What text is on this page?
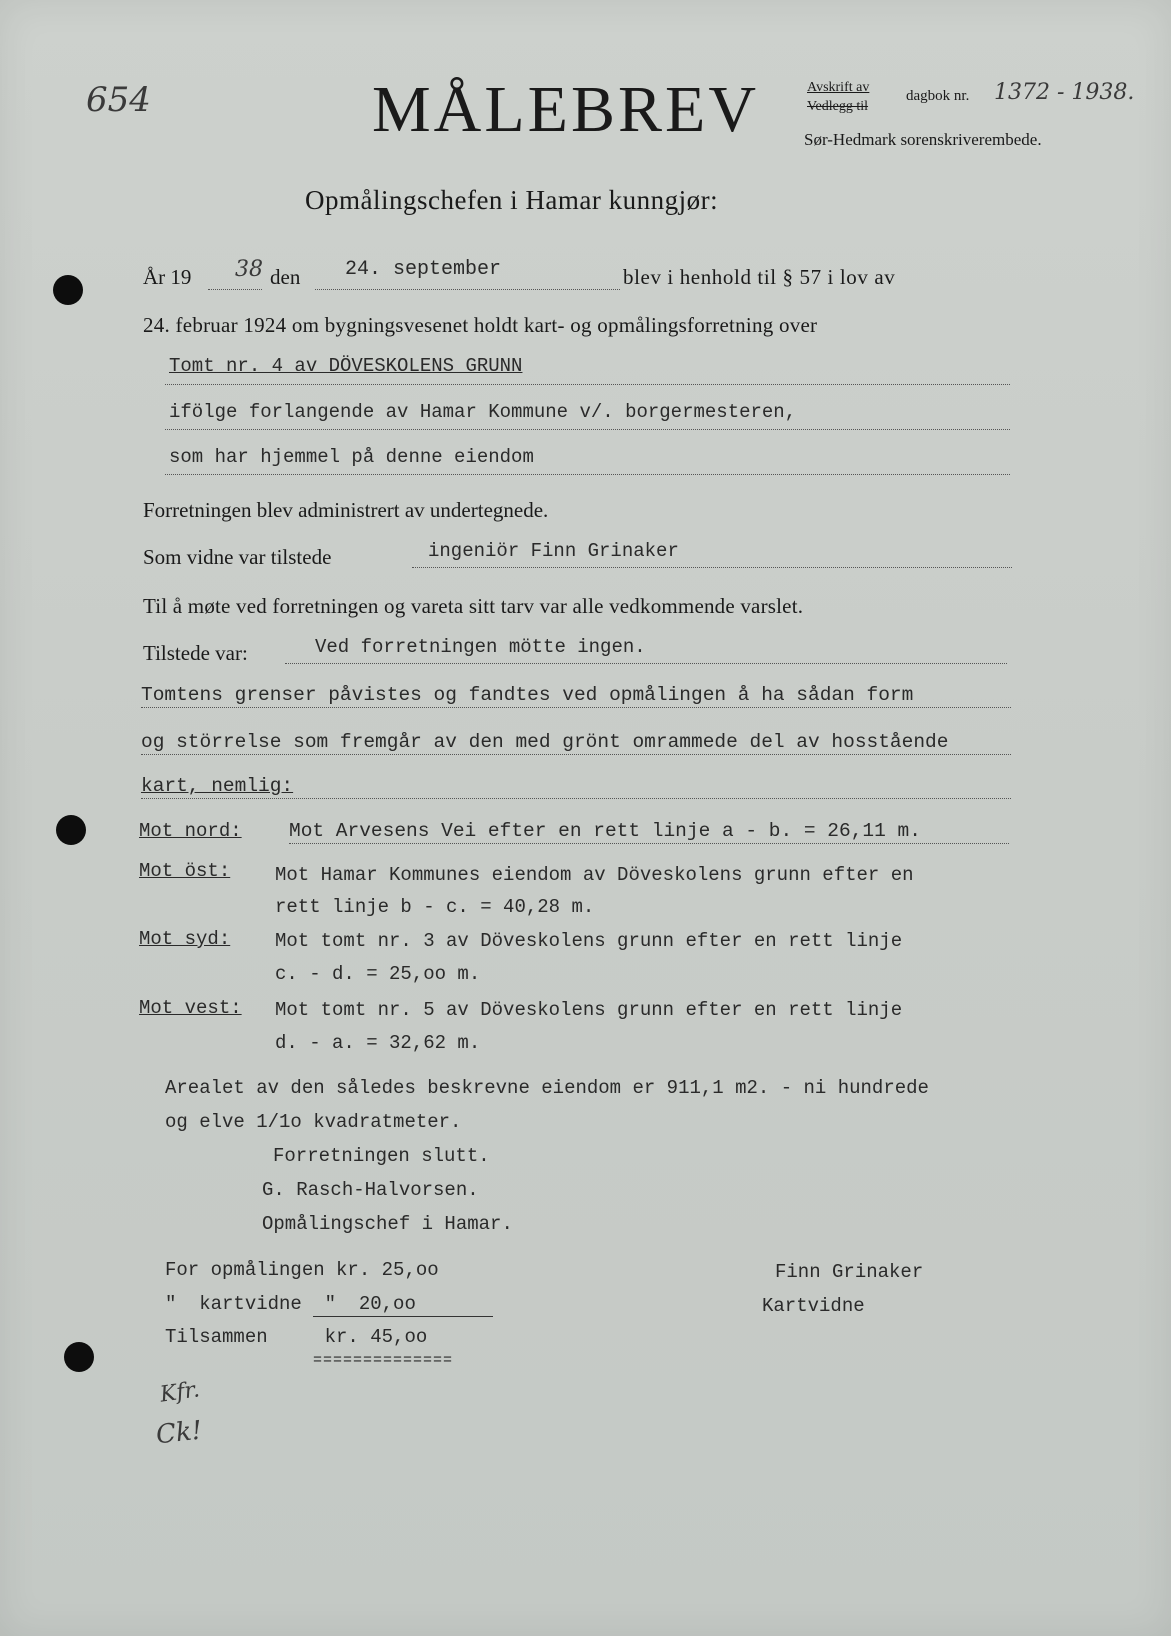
654	MÅLEBREV	Avskrift av
Vedlegg til
dagbok nr. 1372 - 1938.
Sør-Hedmark sorenskriverembede.
Opmålingschefen i Hamar kunngjør:
År 19 38 den 24. september	blev i henhold til § 57 i lov av
24. februar 1924 om bygningsvesenet holdt kart- og opmålingsforretning over
Tomt nr. 4 av DÖVESKOLENS GRUNN
ifölge forlangende av Hamar Kommune v/. borgermesteren,
som har hjemmel på denne eiendom
Forretningen blev administrert av undertegnede.
Som vidne var tilstede	ingeniör Finn Grinaker
Til å møte ved forretningen og vareta sitt tarv var alle vedkommende varslet.
Tilstede var:	Ved forretningen mötte ingen.
Tomtens grenser påvistes og fandtes ved opmålingen å ha sådan form
og störrelse som fremgår av den med grönt omrammede del av hosstående
kart, nemlig:
Mot nord: Mot Arvesens Vei efter en rett linje a - b. = 26,11 m.
Mot öst: Mot Hamar Kommunes eiendom av Döveskolens grunn efter en
rett linje b - c. = 40,28 m.
Mot syd: Mot tomt nr. 3 av Döveskolens grunn efter en rett linje
c. - d. = 25,oo m.
Mot vest: Mot tomt nr. 5 av Döveskolens grunn efter en rett linje
d. - a. = 32,62 m.
Arealet av den således beskrevne eiendom er 911,1 m2. - ni hundrede
og elve 1/1o kvadratmeter.
Forretningen slutt.
G. Rasch-Halvorsen.
Opmålingschef i Hamar.
For opmålingen kr. 25,oo
"  kartvidne  "  20,oo
Tilsammen     kr. 45,oo
==============
Finn Grinaker
Kartvidne
Kfr.
Ck!
